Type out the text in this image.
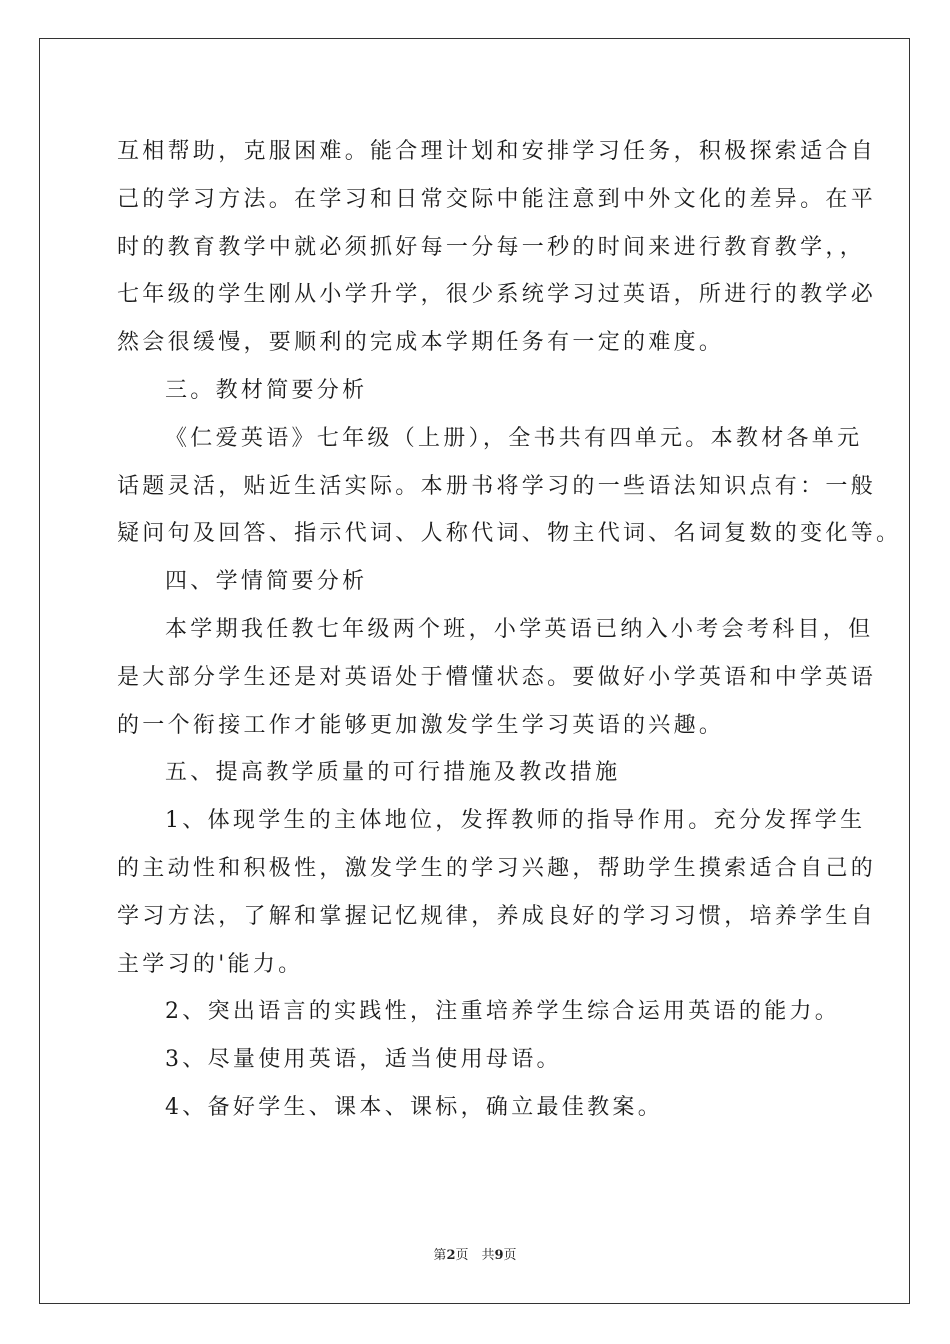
互相帮助，克服困难。能合理计划和安排学习任务，积极探索适合自
己的学习方法。在学习和日常交际中能注意到中外文化的差异。在平
时的教育教学中就必须抓好每一分每一秒的时间来进行教育教学，，
七年级的学生刚从小学升学，很少系统学习过英语，所进行的教学必
然会很缓慢，要顺利的完成本学期任务有一定的难度。
三。教材简要分析
《仁爱英语》七年级（上册），全书共有四单元。本教材各单元
话题灵活，贴近生活实际。本册书将学习的一些语法知识点有：一般
疑问句及回答、指示代词、人称代词、物主代词、名词复数的变化等。
四、学情简要分析
本学期我任教七年级两个班，小学英语已纳入小考会考科目，但
是大部分学生还是对英语处于懵懂状态。要做好小学英语和中学英语
的一个衔接工作才能够更加激发学生学习英语的兴趣。
五、提高教学质量的可行措施及教改措施
1、体现学生的主体地位，发挥教师的指导作用。充分发挥学生
的主动性和积极性，激发学生的学习兴趣，帮助学生摸索适合自己的
学习方法，了解和掌握记忆规律，养成良好的学习习惯，培养学生自
主学习的'能力。
2、突出语言的实践性，注重培养学生综合运用英语的能力。
3、尽量使用英语，适当使用母语。
4、备好学生、课本、课标，确立最佳教案。
第2页　共9页
